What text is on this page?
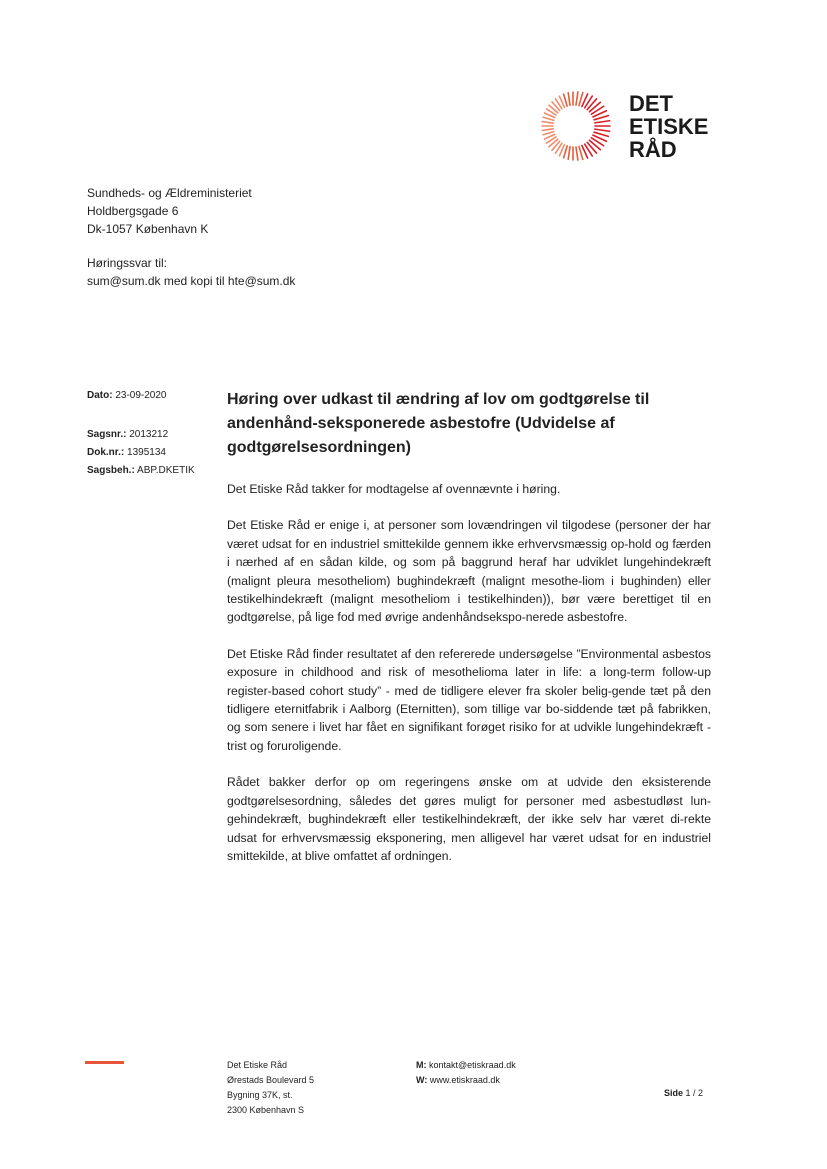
DET
ETISKE
RÅD
Sundheds- og Ældreministeriet
Holdbergsgade 6
Dk-1057 København K
Høringssvar til:
sum@sum.dk med kopi til hte@sum.dk
Dato: 23-09-2020
Sagsnr.: 2013212
Dok.nr.: 1395134
Sagsbeh.: ABP.DKETIK
Høring over udkast til ændring af lov om godtgørelse til andenhånd-seksponerede asbestofre (Udvidelse af godtgørelsesordningen)

Det Etiske Råd takker for modtagelse af ovennævnte i høring.

Det Etiske Råd er enige i, at personer som lovændringen vil tilgodese (personer der har været udsat for en industriel smittekilde gennem ikke erhvervsmæssig op-hold og færden i nærhed af en sådan kilde, og som på baggrund heraf har udviklet lungehindekræft (malignt pleura mesotheliom) bughindekræft (malignt mesothe-liom i bughinden) eller testikelhindekræft (malignt mesotheliom i testikelhinden)), bør være berettiget til en godtgørelse, på lige fod med øvrige andenhåndsekspo-nerede asbestofre.

Det Etiske Råd finder resultatet af den refererede undersøgelse ”Environmental asbestos exposure in childhood and risk of mesothelioma later in life: a long-term follow-up register-based cohort study” - med de tidligere elever fra skoler belig-gende tæt på den tidligere eternitfabrik i Aalborg (Eternitten), som tillige var bo-siddende tæt på fabrikken, og som senere i livet har fået en signifikant forøget risiko for at udvikle lungehindekræft - trist og foruroligende.

Rådet bakker derfor op om regeringens ønske om at udvide den eksisterende godtgørelsesordning, således det gøres muligt for personer med asbestudløst lun-gehindekræft, bughindekræft eller testikelhindekræft, der ikke selv har været di-rekte udsat for erhvervsmæssig eksponering, men alligevel har været udsat for en industriel smittekilde, at blive omfattet af ordningen.

Det Etiske Råd
Ørestads Boulevard 5
Bygning 37K, st.
2300 København S
M: kontakt@etiskraad.dk
W: www.etiskraad.dk
Side 1 / 2
